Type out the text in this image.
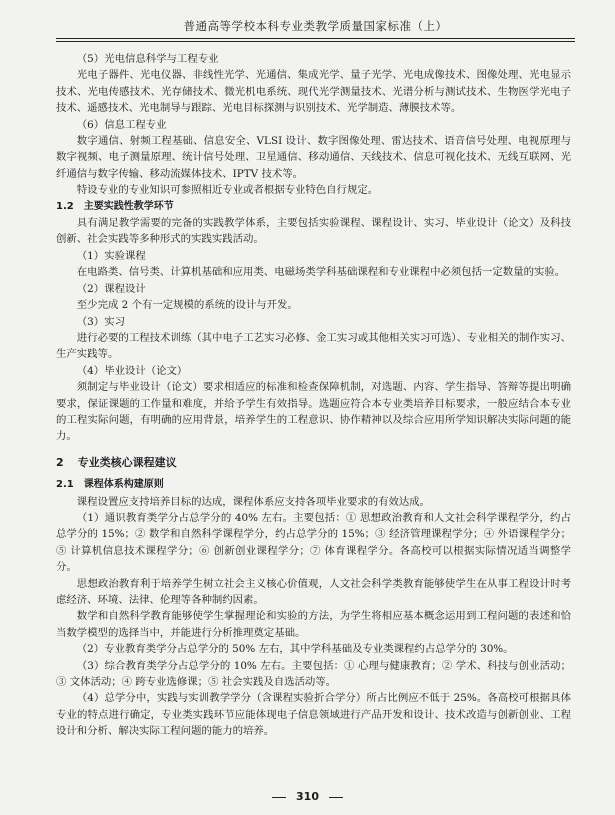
普通高等学校本科专业类教学质量国家标准（上）

（5）光电信息科学与工程专业

光电子器件、光电仪器、非线性光学、光通信、集成光学、量子光学、光电成像技术、图像处理、光电显示技术、光电传感技术、光存储技术、微光机电系统、现代光学测量技术、光谱分析与测试技术、生物医学光电子技术、遥感技术、光电制导与跟踪、光电目标探测与识别技术、光学制造、薄膜技术等。

（6）信息工程专业

数字通信、射频工程基础、信息安全、VLSI 设计、数字图像处理、雷达技术、语音信号处理、电视原理与数字视频、电子测量原理、统计信号处理、卫星通信、移动通信、天线技术、信息可视化技术、无线互联网、光纤通信与数字传输、移动流媒体技术、IPTV 技术等。

特设专业的专业知识可参照相近专业或者根据专业特色自行规定。

1.2 主要实践性教学环节

具有满足教学需要的完备的实践教学体系，主要包括实验课程、课程设计、实习、毕业设计（论文）及科技创新、社会实践等多种形式的实践实践活动。

（1）实验课程

在电路类、信号类、计算机基础和应用类、电磁场类学科基础课程和专业课程中必须包括一定数量的实验。

（2）课程设计

至少完成 2 个有一定规模的系统的设计与开发。

（3）实习

进行必要的工程技术训练（其中电子工艺实习必修、金工实习或其他相关实习可选）、专业相关的制作实习、生产实践等。

（4）毕业设计（论文）

须制定与毕业设计（论文）要求相适应的标准和检查保障机制，对选题、内容、学生指导、答辩等提出明确要求，保证课题的工作量和难度，并给予学生有效指导。选题应符合本专业类培养目标要求，一般应结合本专业的工程实际问题，有明确的应用背景，培养学生的工程意识、协作精神以及综合应用所学知识解决实际问题的能力。

2 专业类核心课程建议

2.1 课程体系构建原则

课程设置应支持培养目标的达成，课程体系应支持各项毕业要求的有效达成。

（1）通识教育类学分占总学分的 40% 左右。主要包括：① 思想政治教育和人文社会科学课程学分，约占总学分的 15%；② 数学和自然科学课程学分，约占总学分的 15%；③ 经济管理课程学分；④ 外语课程学分；⑤ 计算机信息技术课程学分；⑥ 创新创业课程学分；⑦ 体育课程学分。各高校可以根据实际情况适当调整学分。

思想政治教育利于培养学生树立社会主义核心价值观，人文社会科学类教育能够使学生在从事工程设计时考虑经济、环境、法律、伦理等各种制约因素。

数学和自然科学教育能够使学生掌握理论和实验的方法，为学生将相应基本概念运用到工程问题的表述和恰当数学模型的选择当中，并能进行分析推理奠定基础。

（2）专业教育类学分占总学分的 50% 左右，其中学科基础及专业类课程约占总学分的 30%。

（3）综合教育类学分占总学分的 10% 左右。主要包括：① 心理与健康教育；② 学术、科技与创业活动；③ 文体活动；④ 跨专业选修课；⑤ 社会实践及自选活动等。

（4）总学分中，实践与实训教学学分（含课程实验折合学分）所占比例应不低于 25%。各高校可根据具体专业的特点进行确定，专业类实践环节应能体现电子信息领域进行产品开发和设计、技术改造与创新创业、工程设计和分析、解决实际工程问题的能力的培养。

310
